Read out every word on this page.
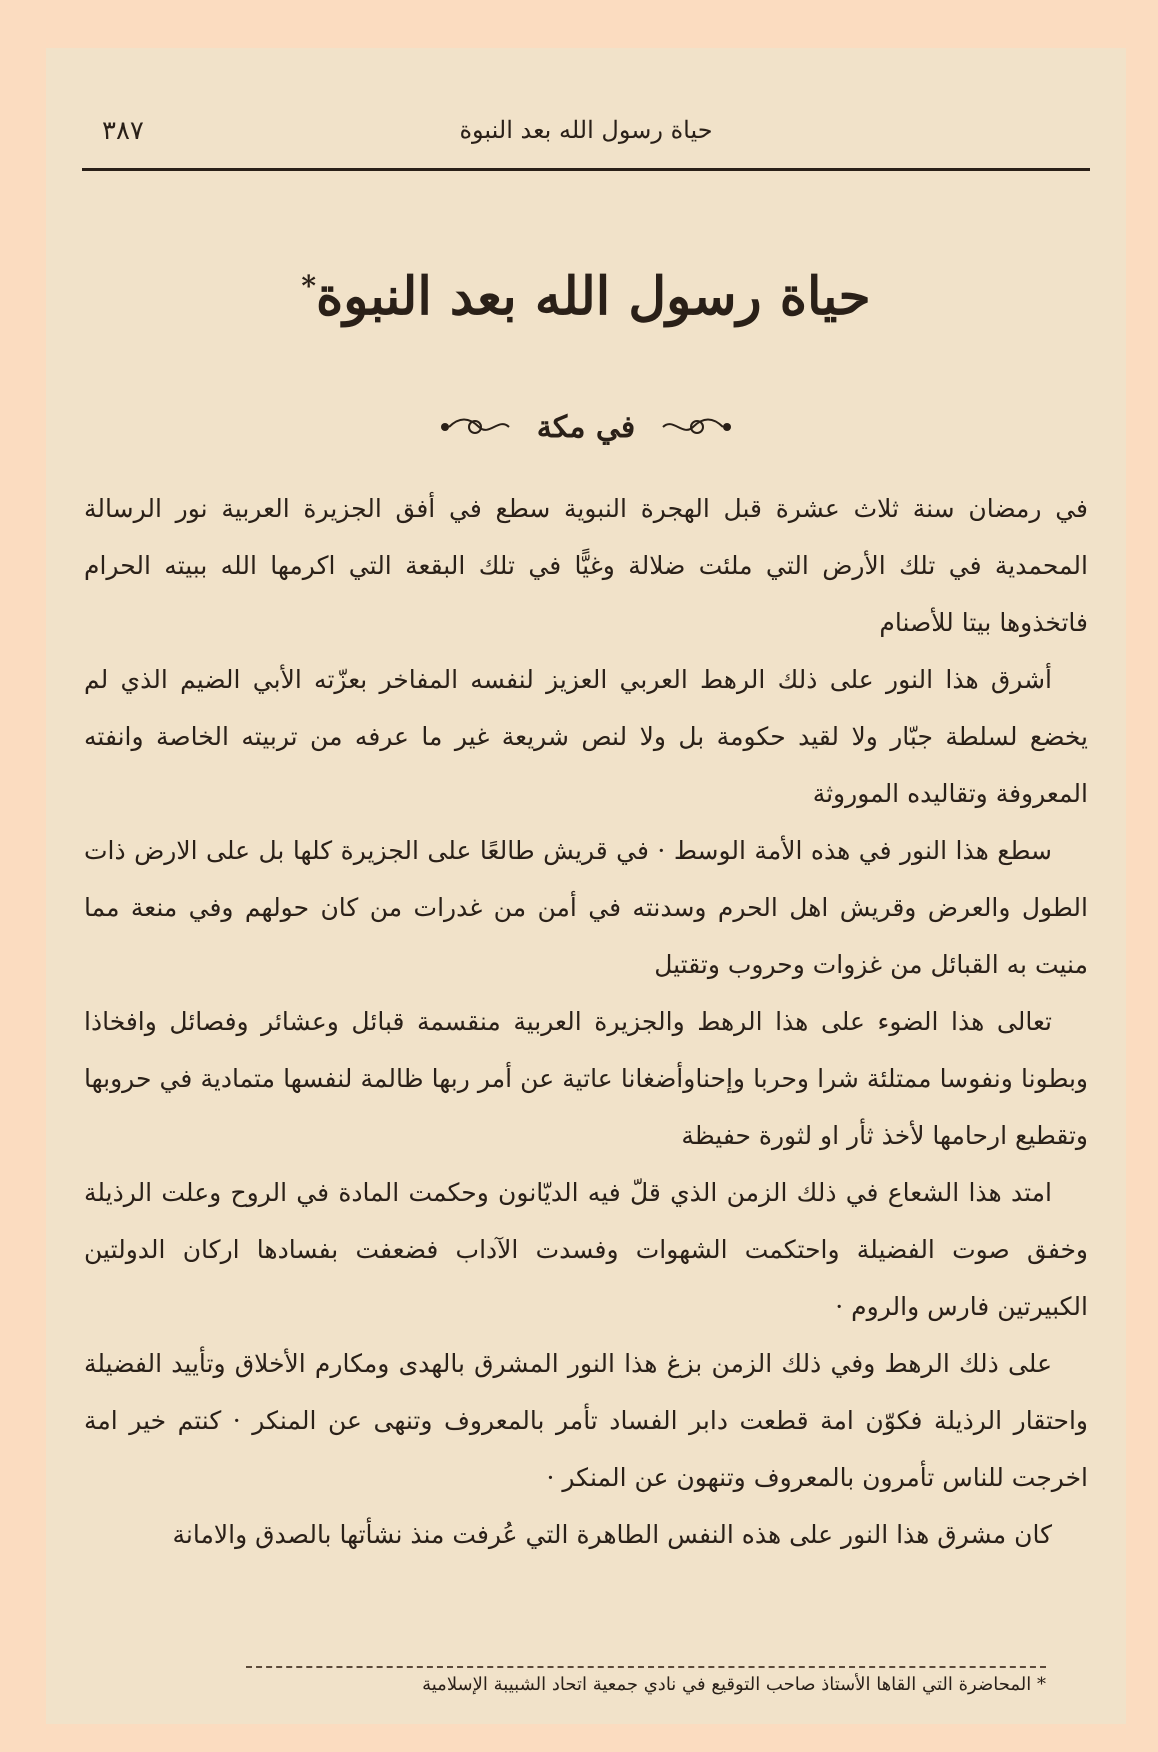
حياة رسول الله بعد النبوة
٣٨٧
حياة رسول الله بعد النبوة*
في مكة

في رمضان سنة ثلاث عشرة قبل الهجرة النبوية سطع في أفق الجزيرة العربية نور الرسالة المحمدية في تلك الأرض التي ملئت ضلالة وغيًّا في تلك البقعة التي اكرمها الله ببيته الحرام فاتخذوها بيتا للأصنام

أشرق هذا النور على ذلك الرهط العربي العزيز لنفسه المفاخر بعزّته الأبي الضيم الذي لم يخضع لسلطة جبّار ولا لقيد حكومة بل ولا لنص شريعة غير ما عرفه من تربيته الخاصة وانفته المعروفة وتقاليده الموروثة

سطع هذا النور في هذه الأمة الوسط · في قريش طالعًا على الجزيرة كلها بل على الارض ذات الطول والعرض وقريش اهل الحرم وسدنته في أمن من غدرات من كان حولهم وفي منعة مما منيت به القبائل من غزوات وحروب وتقتيل

تعالى هذا الضوء على هذا الرهط والجزيرة العربية منقسمة قبائل وعشائر وفصائل وافخاذا وبطونا ونفوسا ممتلئة شرا وحربا وإحناوأضغانا عاتية عن أمر ربها ظالمة لنفسها متمادية في حروبها وتقطيع ارحامها لأخذ ثأر او لثورة حفيظة

امتد هذا الشعاع في ذلك الزمن الذي قلّ فيه الديّانون وحكمت المادة في الروح وعلت الرذيلة وخفق صوت الفضيلة واحتكمت الشهوات وفسدت الآداب فضعفت بفسادها اركان الدولتين الكبيرتين فارس والروم ·

على ذلك الرهط وفي ذلك الزمن بزغ هذا النور المشرق بالهدى ومكارم الأخلاق وتأييد الفضيلة واحتقار الرذيلة فكوّن امة قطعت دابر الفساد تأمر بالمعروف وتنهى عن المنكر · كنتم خير امة اخرجت للناس تأمرون بالمعروف وتنهون عن المنكر ·

كان مشرق هذا النور على هذه النفس الطاهرة التي عُرفت منذ نشأتها بالصدق والامانة

* المحاضرة التي القاها الأستاذ صاحب التوقيع في نادي جمعية اتحاد الشبيبة الإسلامية
